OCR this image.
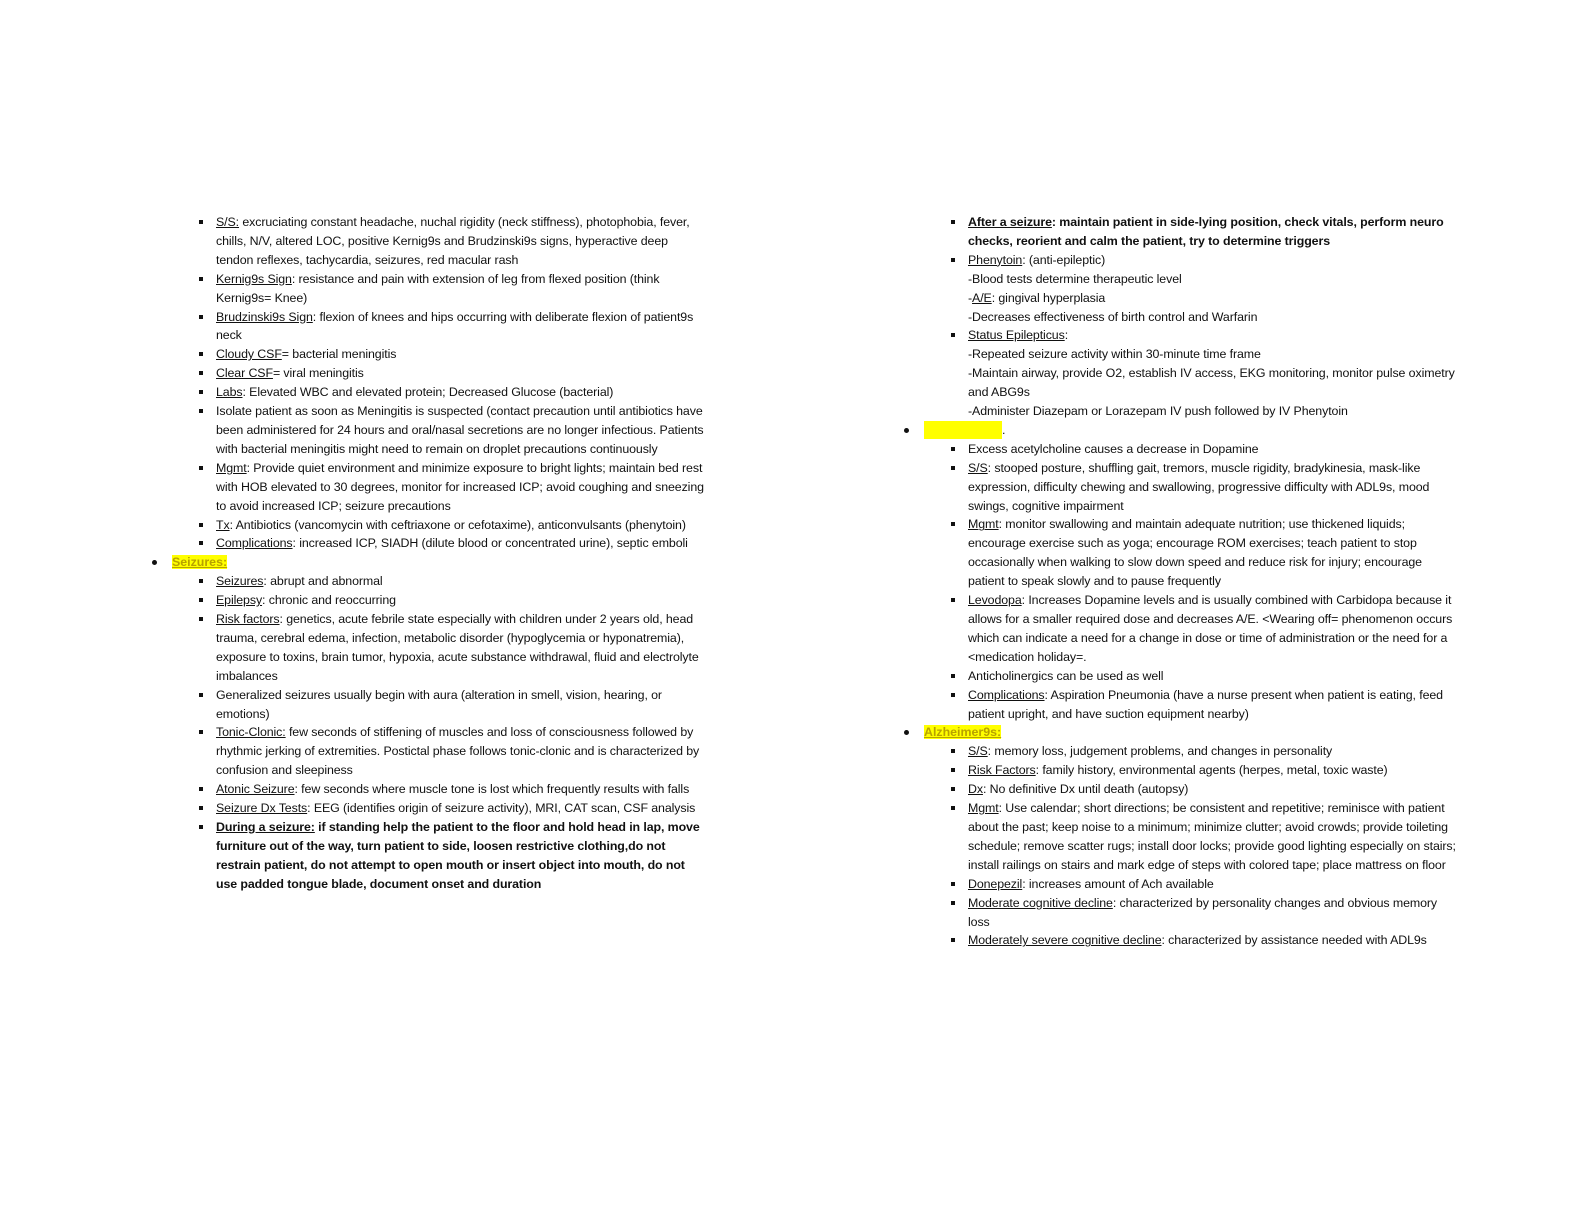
S/S: excruciating constant headache, nuchal rigidity (neck stiffness), photophobia, fever, chills, N/V, altered LOC, positive Kernig9s and Brudzinski9s signs, hyperactive deep tendon reflexes, tachycardia, seizures, red macular rash

Kernig9s Sign: resistance and pain with extension of leg from flexed position (think Kernig9s= Knee)

Brudzinski9s Sign: flexion of knees and hips occurring with deliberate flexion of patient9s neck

Cloudy CSF= bacterial meningitis

Clear CSF= viral meningitis

Labs: Elevated WBC and elevated protein; Decreased Glucose (bacterial)

Isolate patient as soon as Meningitis is suspected (contact precaution until antibiotics have been administered for 24 hours and oral/nasal secretions are no longer infectious. Patients with bacterial meningitis might need to remain on droplet precautions continuously

Mgmt: Provide quiet environment and minimize exposure to bright lights; maintain bed rest with HOB elevated to 30 degrees, monitor for increased ICP; avoid coughing and sneezing to avoid increased ICP; seizure precautions

Tx: Antibiotics (vancomycin with ceftriaxone or cefotaxime), anticonvulsants (phenytoin)

Complications: increased ICP, SIADH (dilute blood or concentrated urine), septic emboli

Seizures:

Seizures: abrupt and abnormal

Epilepsy: chronic and reoccurring

Risk factors: genetics, acute febrile state especially with children under 2 years old, head trauma, cerebral edema, infection, metabolic disorder (hypoglycemia or hyponatremia), exposure to toxins, brain tumor, hypoxia, acute substance withdrawal, fluid and electrolyte imbalances

Generalized seizures usually begin with aura (alteration in smell, vision, hearing, or emotions)

Tonic-Clonic: few seconds of stiffening of muscles and loss of consciousness followed by rhythmic jerking of extremities. Postictal phase follows tonic-clonic and is characterized by confusion and sleepiness

Atonic Seizure: few seconds where muscle tone is lost which frequently results with falls

Seizure Dx Tests: EEG (identifies origin of seizure activity), MRI, CAT scan, CSF analysis

During a seizure: if standing help the patient to the floor and hold head in lap, move furniture out of the way, turn patient to side, loosen restrictive clothing,do not restrain patient, do not attempt to open mouth or insert object into mouth, do not use padded tongue blade, document onset and duration

After a seizure: maintain patient in side-lying position, check vitals, perform neuro checks, reorient and calm the patient, try to determine triggers

Phenytoin: (anti-epileptic)
-Blood tests determine therapeutic level
-A/E: gingival hyperplasia
-Decreases effectiveness of birth control and Warfarin

Status Epilepticus:
-Repeated seizure activity within 30-minute time frame
-Maintain airway, provide O2, establish IV access, EKG monitoring, monitor pulse oximetry and ABG9s
-Administer Diazepam or Lorazepam IV push followed by IV Phenytoin

.

Excess acetylcholine causes a decrease in Dopamine

S/S: stooped posture, shuffling gait, tremors, muscle rigidity, bradykinesia, mask-like expression, difficulty chewing and swallowing, progressive difficulty with ADL9s, mood swings, cognitive impairment

Mgmt: monitor swallowing and maintain adequate nutrition; use thickened liquids; encourage exercise such as yoga; encourage ROM exercises; teach patient to stop occasionally when walking to slow down speed and reduce risk for injury; encourage patient to speak slowly and to pause frequently

Levodopa: Increases Dopamine levels and is usually combined with Carbidopa because it allows for a smaller required dose and decreases A/E. <Wearing off= phenomenon occurs which can indicate a need for a change in dose or time of administration or the need for a <medication holiday=.

Anticholinergics can be used as well

Complications: Aspiration Pneumonia (have a nurse present when patient is eating, feed patient upright, and have suction equipment nearby)

Alzheimer9s:

S/S: memory loss, judgement problems, and changes in personality

Risk Factors: family history, environmental agents (herpes, metal, toxic waste)

Dx: No definitive Dx until death (autopsy)

Mgmt: Use calendar; short directions; be consistent and repetitive; reminisce with patient about the past; keep noise to a minimum; minimize clutter; avoid crowds; provide toileting schedule; remove scatter rugs; install door locks; provide good lighting especially on stairs; install railings on stairs and mark edge of steps with colored tape; place mattress on floor

Donepezil: increases amount of Ach available

Moderate cognitive decline: characterized by personality changes and obvious memory loss

Moderately severe cognitive decline: characterized by assistance needed with ADL9s
